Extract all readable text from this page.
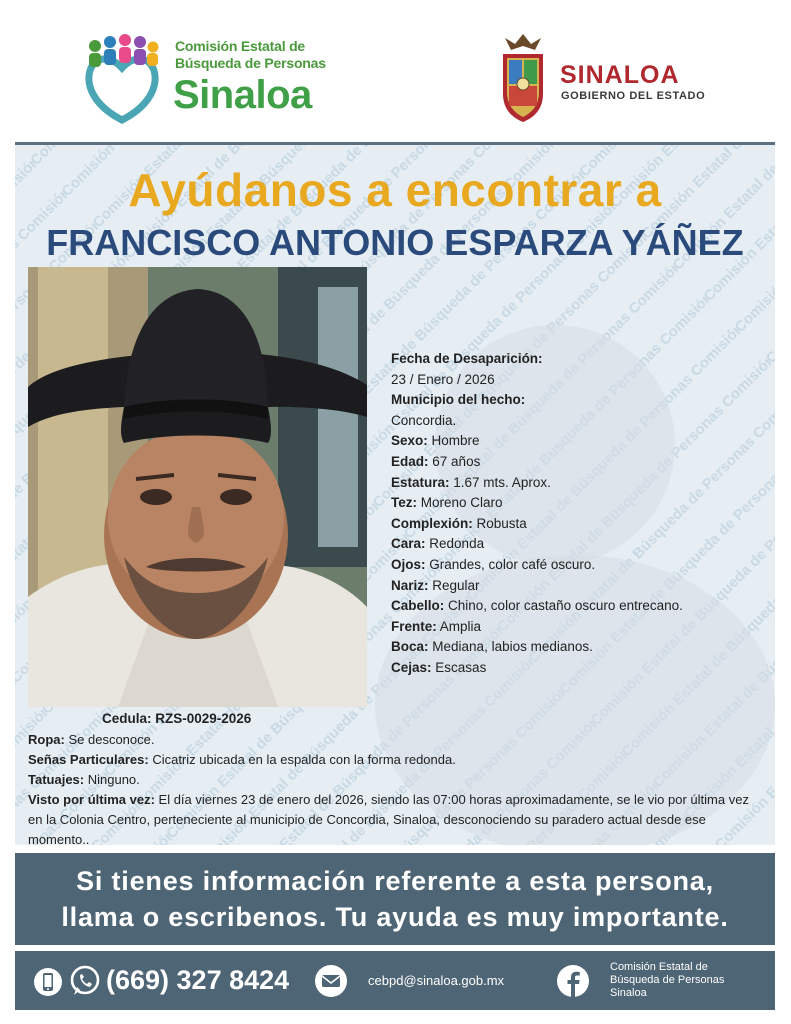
Comisión Estatal de
Búsqueda de Personas
Sinaloa	SINALOA
GOBIERNO DEL ESTADO
Ayúdanos a encontrar a
FRANCISCO ANTONIO ESPARZA YÁÑEZ
Fecha de Desaparición:
23 / Enero / 2026
Municipio del hecho:
Concordia.
Sexo: Hombre
Edad: 67 años
Estatura: 1.67 mts. Aprox.
Tez: Moreno Claro
Complexión: Robusta
Cara: Redonda
Ojos: Grandes, color café oscuro.
Nariz: Regular
Cabello: Chino, color castaño oscuro entrecano.
Frente: Amplia
Boca: Mediana, labios medianos.
Cejas: Escasas
Cedula: RZS-0029-2026
Ropa: Se desconoce.
Señas Particulares: Cicatriz ubicada en la espalda con la forma redonda.
Tatuajes: Ninguno.
Visto por última vez: El día viernes 23 de enero del 2026, siendo las 07:00 horas aproximadamente, se le vio por última vez en la Colonia Centro, perteneciente al municipio de Concordia, Sinaloa, desconociendo su paradero actual desde ese momento..
Si tienes información referente a esta persona,
llama o escribenos. Tu ayuda es muy importante.
(669) 327 8424	cebpd@sinaloa.gob.mx
Comisión Estatal de
Búsqueda de Personas
Sinaloa
